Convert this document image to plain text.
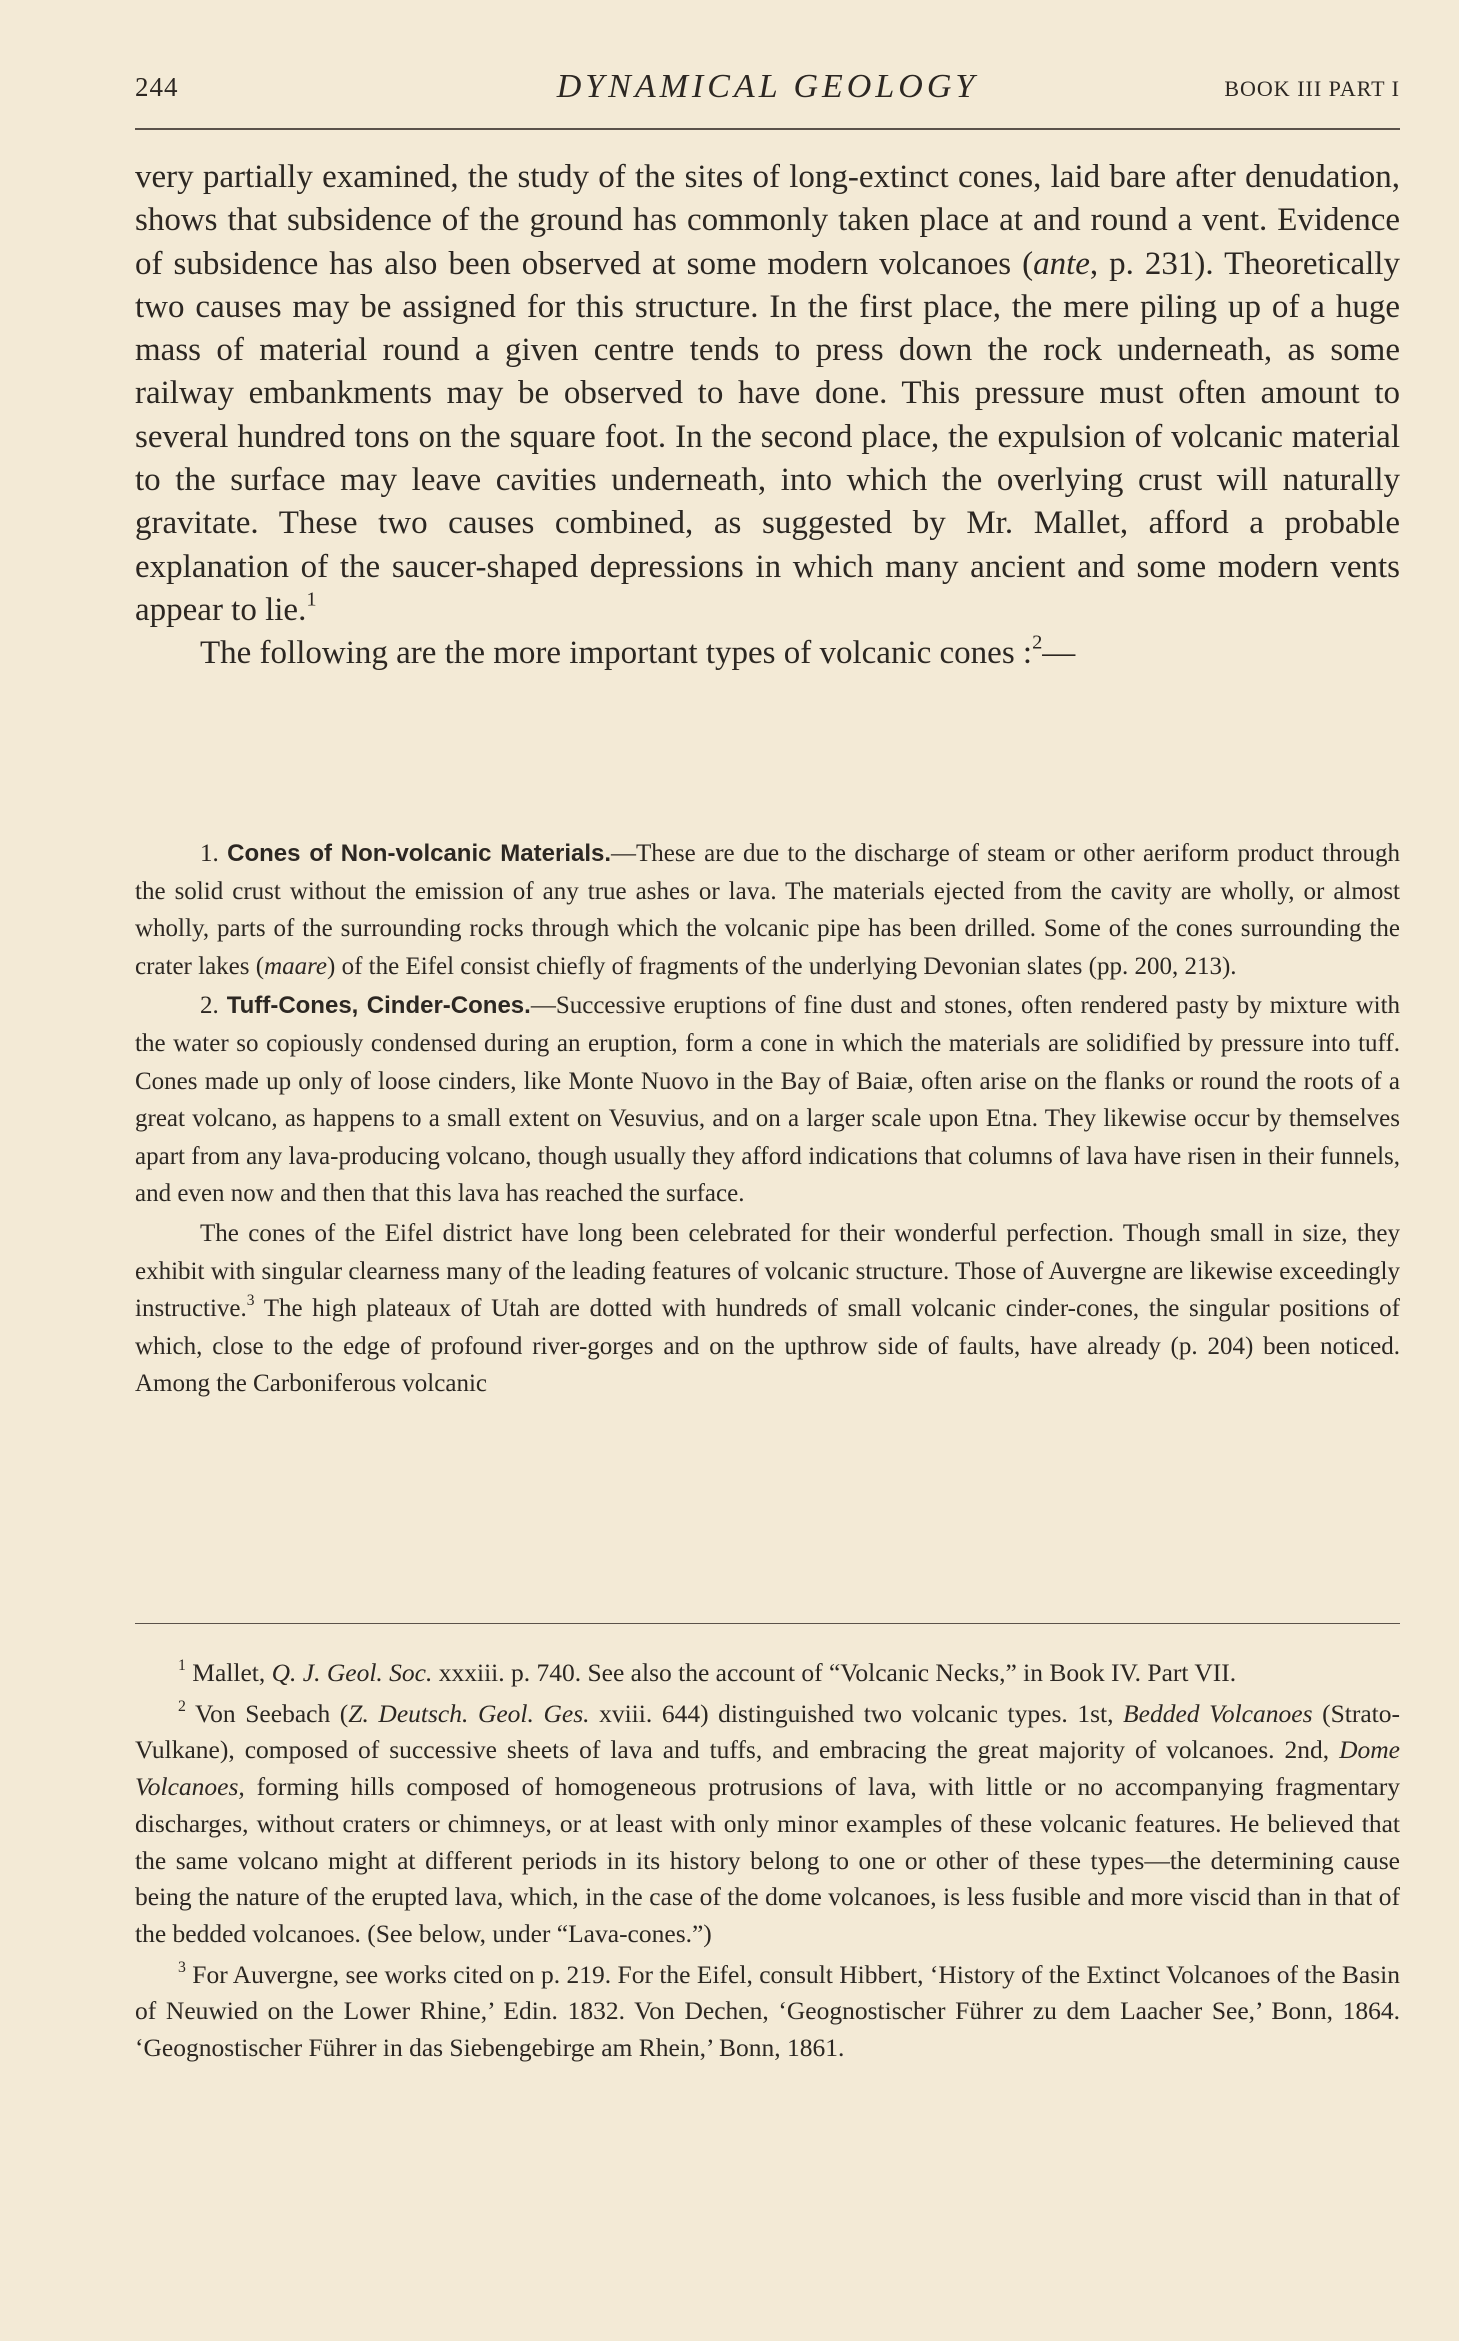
244	DYNAMICAL GEOLOGY	BOOK III PART I

very partially examined, the study of the sites of long-extinct cones, laid bare after denudation, shows that subsidence of the ground has commonly taken place at and round a vent. Evidence of subsidence has also been observed at some modern volcanoes (ante, p. 231). Theoretically two causes may be assigned for this structure. In the first place, the mere piling up of a huge mass of material round a given centre tends to press down the rock underneath, as some railway embankments may be observed to have done. This pressure must often amount to several hundred tons on the square foot. In the second place, the expulsion of volcanic material to the surface may leave cavities underneath, into which the overlying crust will naturally gravitate. These two causes combined, as suggested by Mr. Mallet, afford a probable explanation of the saucer-shaped depressions in which many ancient and some modern vents appear to lie.$^1$

The following are the more important types of volcanic cones :$^2$—

1. Cones of Non-volcanic Materials.—These are due to the discharge of steam or other aeriform product through the solid crust without the emission of any true ashes or lava. The materials ejected from the cavity are wholly, or almost wholly, parts of the surrounding rocks through which the volcanic pipe has been drilled. Some of the cones surrounding the crater lakes (maare) of the Eifel consist chiefly of fragments of the underlying Devonian slates (pp. 200, 213).

2. Tuff-Cones, Cinder-Cones.—Successive eruptions of fine dust and stones, often rendered pasty by mixture with the water so copiously condensed during an eruption, form a cone in which the materials are solidified by pressure into tuff. Cones made up only of loose cinders, like Monte Nuovo in the Bay of Baiæ, often arise on the flanks or round the roots of a great volcano, as happens to a small extent on Vesuvius, and on a larger scale upon Etna. They likewise occur by themselves apart from any lava-producing volcano, though usually they afford indications that columns of lava have risen in their funnels, and even now and then that this lava has reached the surface.

The cones of the Eifel district have long been celebrated for their wonderful perfection. Though small in size, they exhibit with singular clearness many of the leading features of volcanic structure. Those of Auvergne are likewise exceedingly instructive.$^3$ The high plateaux of Utah are dotted with hundreds of small volcanic cinder-cones, the singular positions of which, close to the edge of profound river-gorges and on the upthrow side of faults, have already (p. 204) been noticed. Among the Carboniferous volcanic

$^1$ Mallet, Q. J. Geol. Soc. xxxiii. p. 740. See also the account of “Volcanic Necks,” in Book IV. Part VII.

$^2$ Von Seebach (Z. Deutsch. Geol. Ges. xviii. 644) distinguished two volcanic types. 1st, Bedded Volcanoes (Strato-Vulkane), composed of successive sheets of lava and tuffs, and embracing the great majority of volcanoes. 2nd, Dome Volcanoes, forming hills composed of homogeneous protrusions of lava, with little or no accompanying fragmentary discharges, without craters or chimneys, or at least with only minor examples of these volcanic features. He believed that the same volcano might at different periods in its history belong to one or other of these types—the determining cause being the nature of the erupted lava, which, in the case of the dome volcanoes, is less fusible and more viscid than in that of the bedded volcanoes. (See below, under “Lava-cones.”)

$^3$ For Auvergne, see works cited on p. 219. For the Eifel, consult Hibbert, ‘History of the Extinct Volcanoes of the Basin of Neuwied on the Lower Rhine,’ Edin. 1832. Von Dechen, ‘Geognostischer Führer zu dem Laacher See,’ Bonn, 1864. ‘Geognostischer Führer in das Siebengebirge am Rhein,’ Bonn, 1861.
